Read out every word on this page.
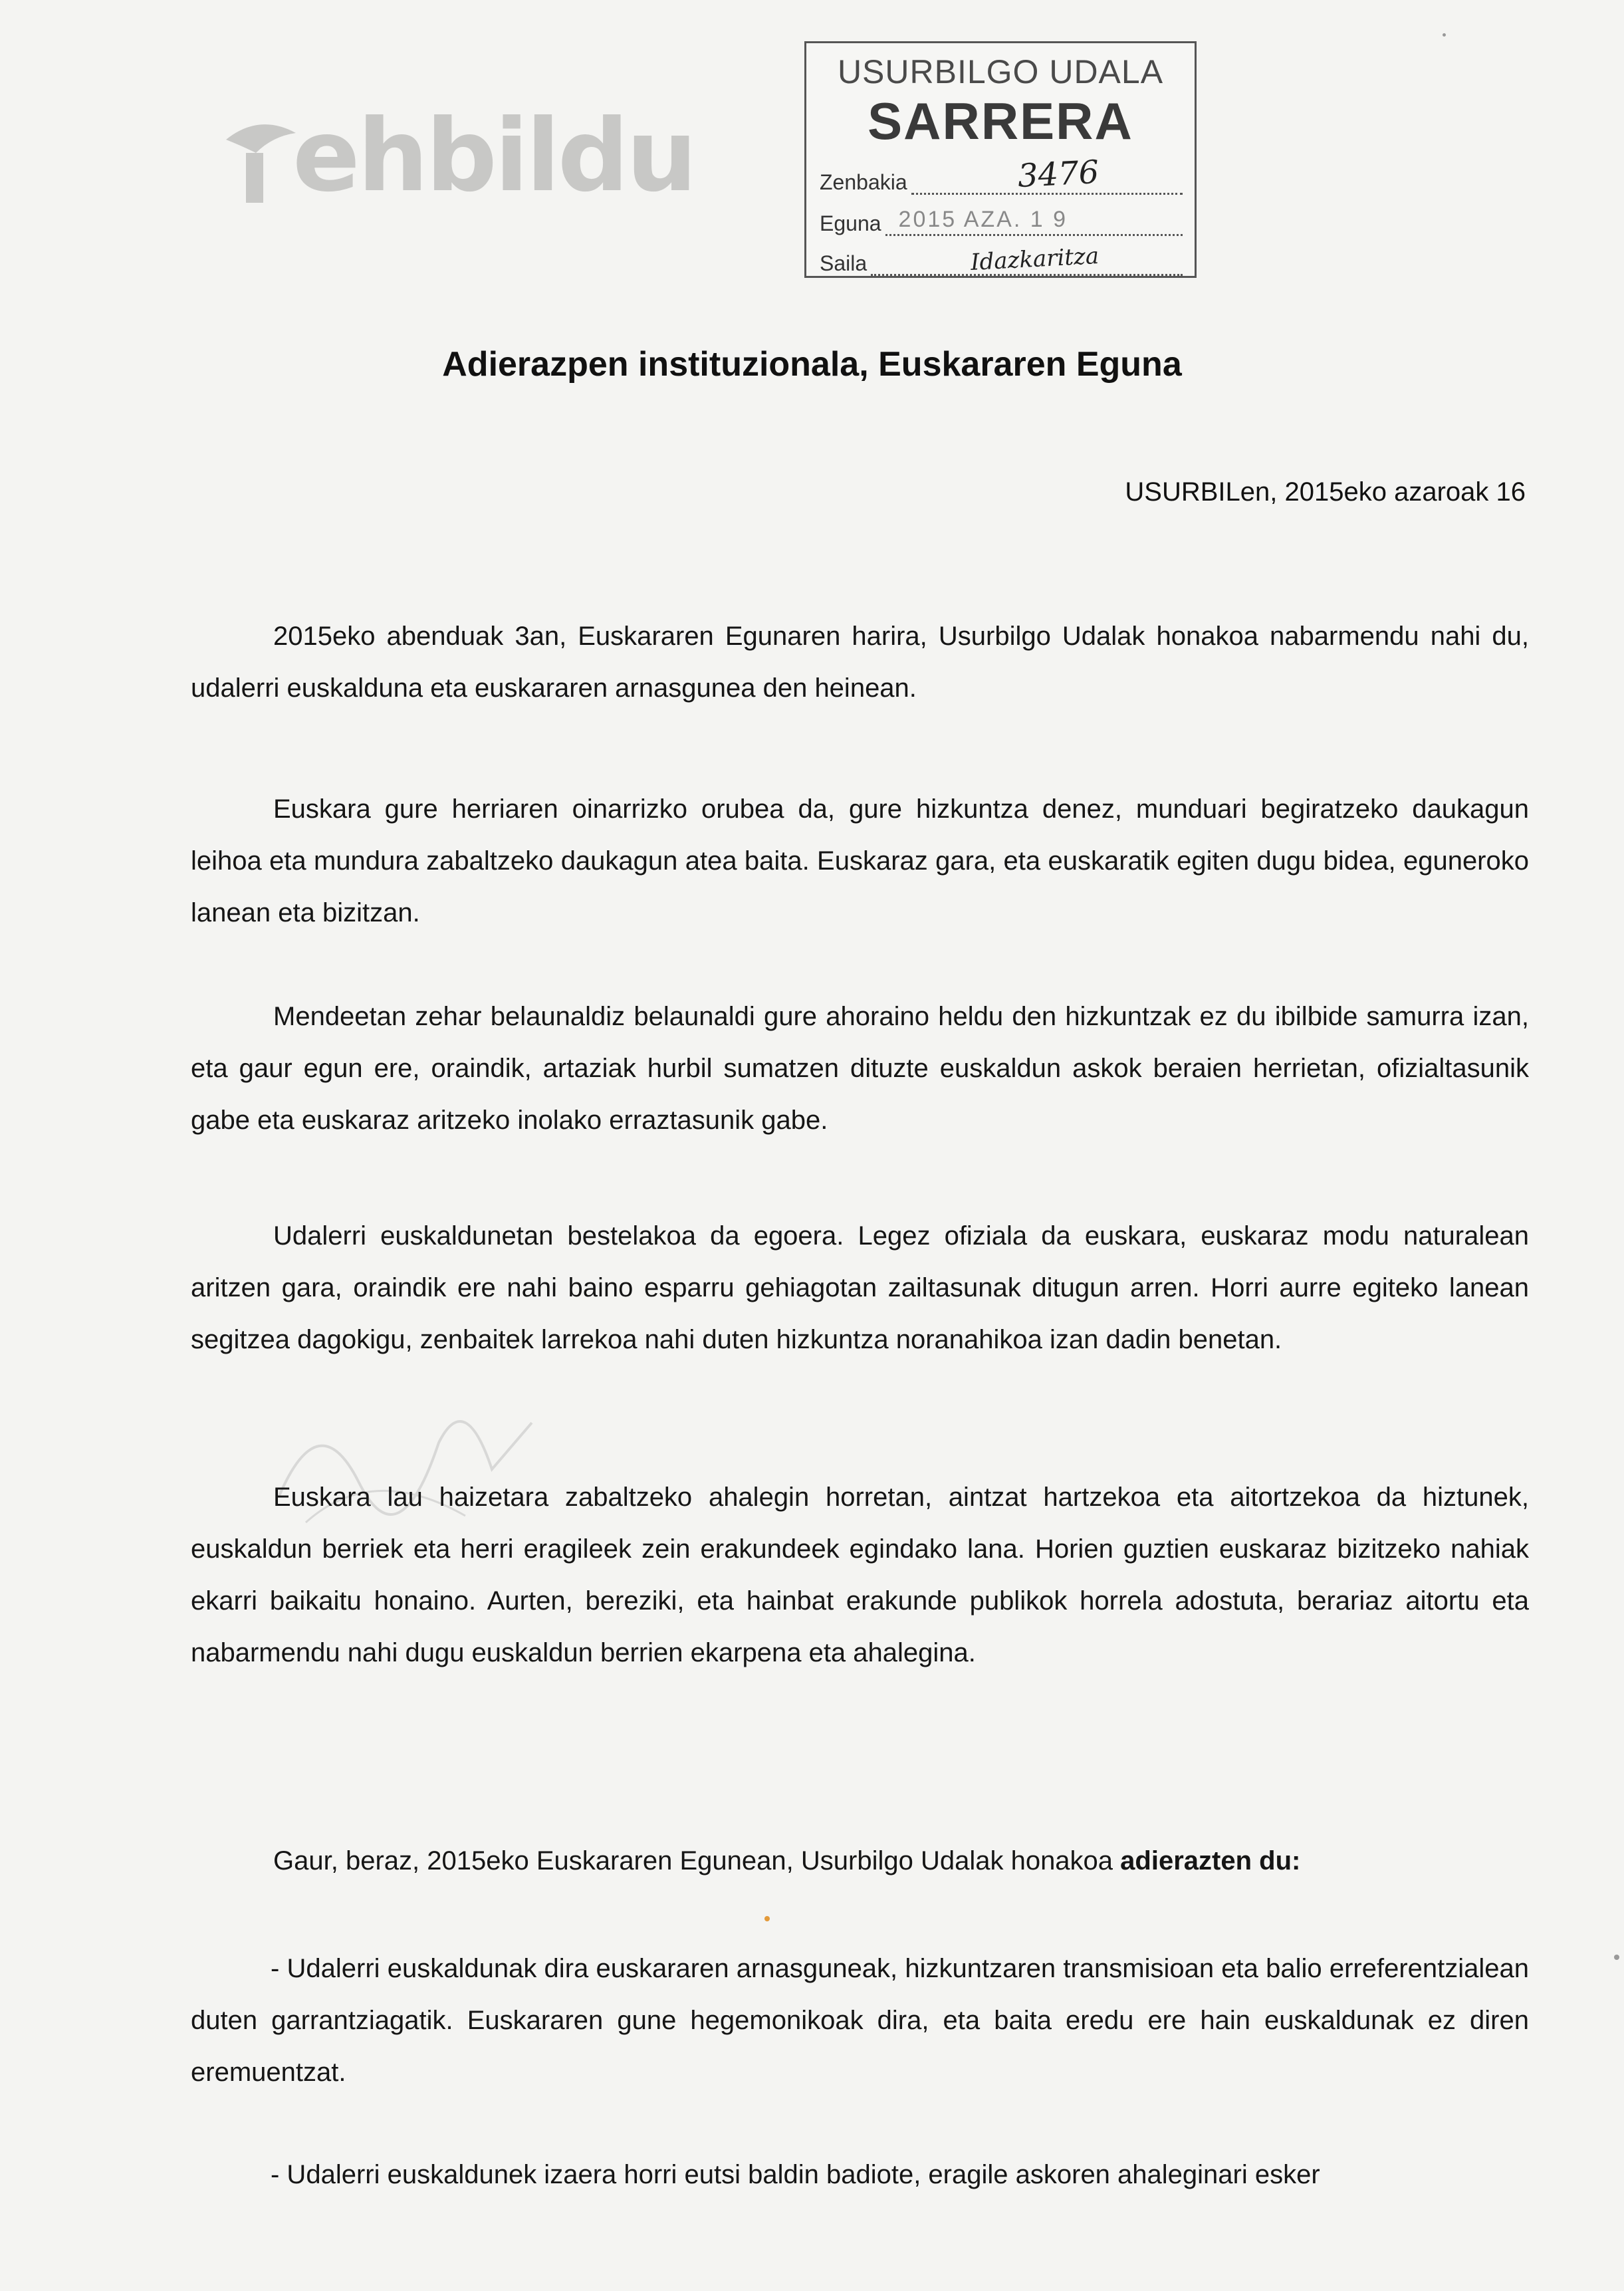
ehbildu
USURBILGO UDALA
SARRERA
Zenbakia	3476
Eguna 2015 AZA. 1 9
Saila	Idazkaritza
Adierazpen instituzionala, Euskararen Eguna
USURBILen, 2015eko azaroak 16

2015eko abenduak 3an, Euskararen Egunaren harira, Usurbilgo Udalak honakoa nabarmendu nahi du, udalerri euskalduna eta euskararen arnasgunea den heinean.

Euskara gure herriaren oinarrizko orubea da, gure hizkuntza denez, munduari begiratzeko daukagun leihoa eta mundura zabaltzeko daukagun atea baita. Euskaraz gara, eta euskaratik egiten dugu bidea, eguneroko lanean eta bizitzan.

Mendeetan zehar belaunaldiz belaunaldi gure ahoraino heldu den hizkuntzak ez du ibilbide samurra izan, eta gaur egun ere, oraindik, artaziak hurbil sumatzen dituzte euskaldun askok beraien herrietan, ofizialtasunik gabe eta euskaraz aritzeko inolako erraztasunik gabe.

Udalerri euskaldunetan bestelakoa da egoera. Legez ofiziala da euskara, euskaraz modu naturalean aritzen gara, oraindik ere nahi baino esparru gehiagotan zailtasunak ditugun arren. Horri aurre egiteko lanean segitzea dagokigu, zenbaitek larrekoa nahi duten hizkuntza noranahikoa izan dadin benetan.

Euskara lau haizetara zabaltzeko ahalegin horretan, aintzat hartzekoa eta aitortzekoa da hiztunek, euskaldun berriek eta herri eragileek zein erakundeek egindako lana. Horien guztien euskaraz bizitzeko nahiak ekarri baikaitu honaino. Aurten, bereziki, eta hainbat erakunde publikok horrela adostuta, berariaz aitortu eta nabarmendu nahi dugu euskaldun berrien ekarpena eta ahalegina.

Gaur, beraz, 2015eko Euskararen Egunean, Usurbilgo Udalak honakoa adierazten du:

- Udalerri euskaldunak dira euskararen arnasguneak, hizkuntzaren transmisioan eta balio erreferentzialean duten garrantziagatik. Euskararen gune hegemonikoak dira, eta baita eredu ere hain euskaldunak ez diren eremuentzat.

- Udalerri euskaldunek izaera horri eutsi baldin badiote, eragile askoren ahaleginari esker
